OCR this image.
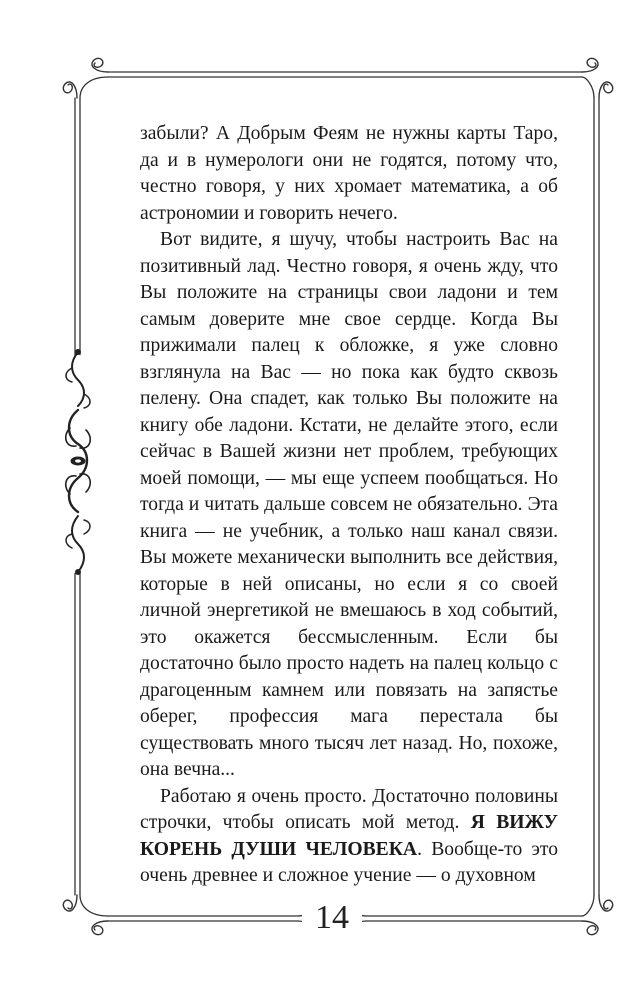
забыли? А Добрым Феям не нужны карты Таро, да и в нумерологи они не годятся, потому что, честно говоря, у них хромает математика, а об астрономии и говорить нечего.

Вот видите, я шучу, чтобы настроить Вас на позитивный лад. Честно говоря, я очень жду, что Вы положите на страницы свои ладони и тем самым доверите мне свое сердце. Когда Вы прижимали палец к обложке, я уже словно взглянула на Вас — но пока как будто сквозь пелену. Она спадет, как только Вы положите на книгу обе ладони. Кстати, не делайте этого, если сейчас в Вашей жизни нет проблем, требующих моей помощи, — мы еще успеем пообщаться. Но тогда и читать дальше совсем не обязательно. Эта книга — не учебник, а только наш канал связи. Вы можете механически выполнить все действия, которые в ней описаны, но если я со своей личной энергетикой не вмешаюсь в ход событий, это окажется бессмысленным. Если бы достаточно было просто надеть на палец кольцо с драгоценным камнем или повязать на запястье оберег, профессия мага перестала бы существовать много тысяч лет назад. Но, похоже, она вечна...

Работаю я очень просто. Достаточно половины строчки, чтобы описать мой метод. Я ВИЖУ КОРЕНЬ ДУШИ ЧЕЛОВЕКА. Вообще-то это очень древнее и сложное учение — о духовном

14
